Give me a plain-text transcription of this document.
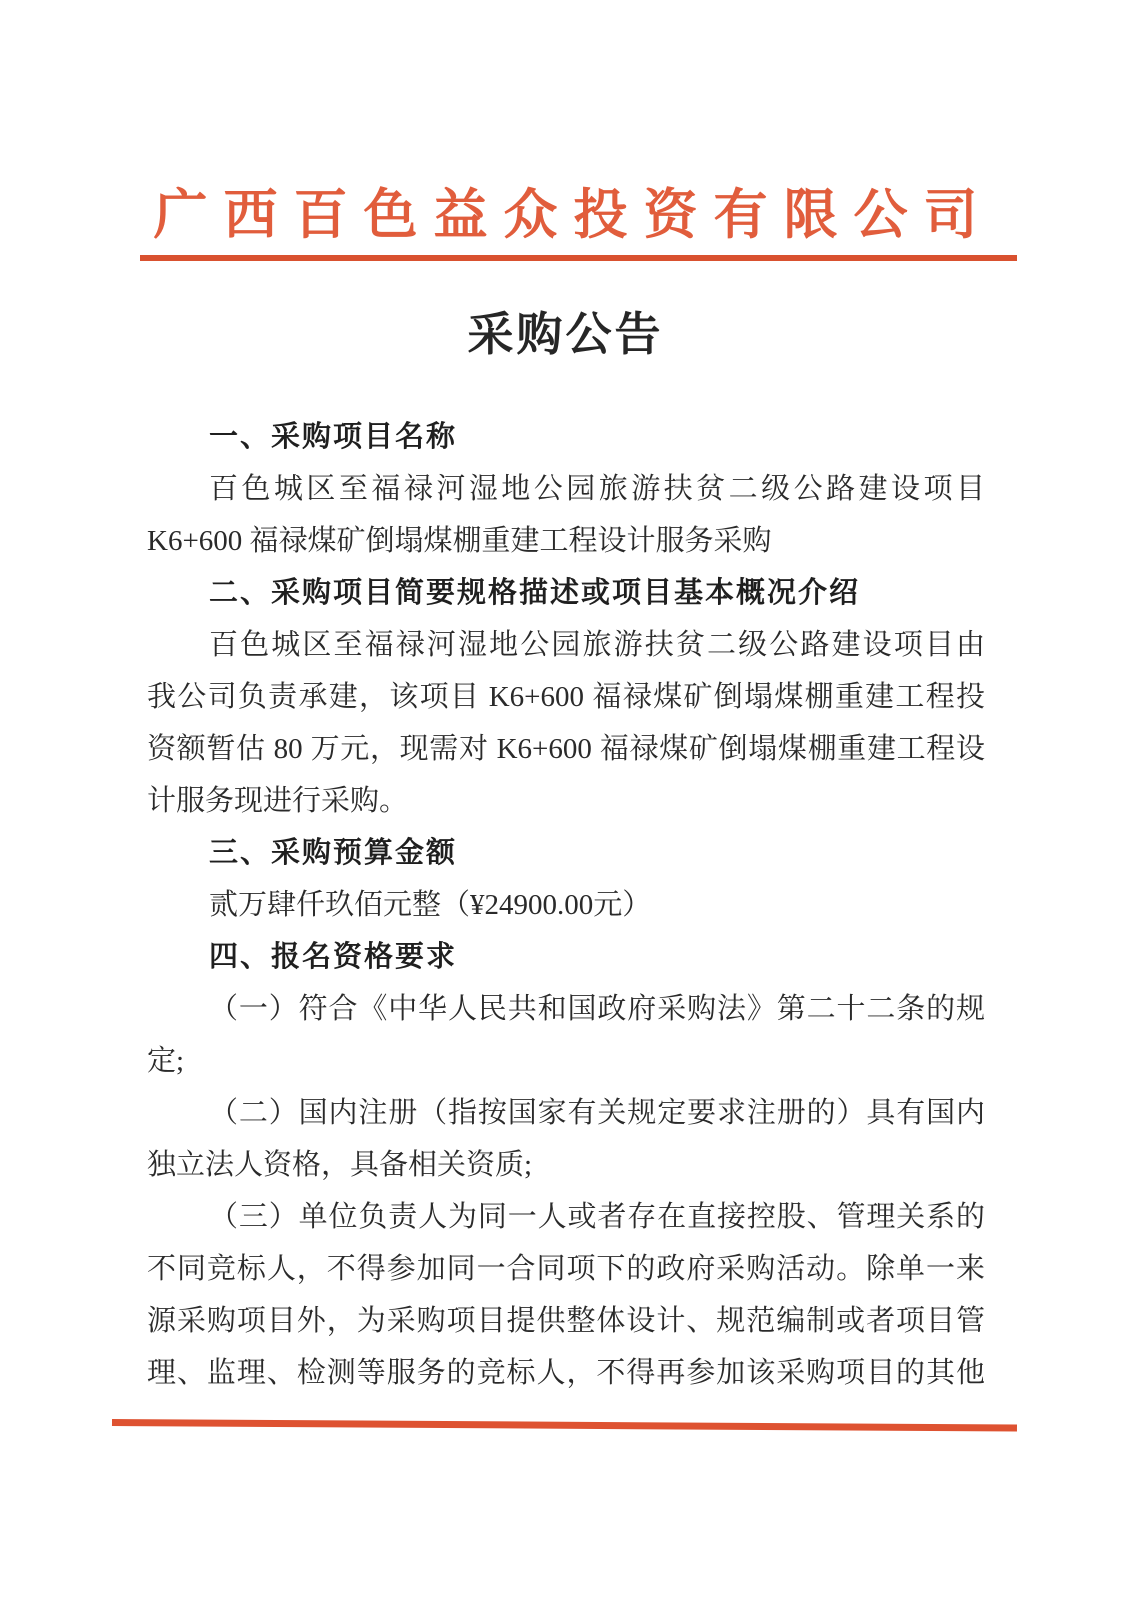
广西百色益众投资有限公司
采购公告
一、采购项目名称
百色城区至福禄河湿地公园旅游扶贫二级公路建设项目
K6+600 福禄煤矿倒塌煤棚重建工程设计服务采购
二、采购项目简要规格描述或项目基本概况介绍
百色城区至福禄河湿地公园旅游扶贫二级公路建设项目由
我公司负责承建，该项目 K6+600 福禄煤矿倒塌煤棚重建工程投
资额暂估 80 万元，现需对 K6+600 福禄煤矿倒塌煤棚重建工程设
计服务现进行采购。
三、采购预算金额
贰万肆仟玖佰元整（¥24900.00元）
四、报名资格要求
（一）符合《中华人民共和国政府采购法》第二十二条的规
定;
（二）国内注册（指按国家有关规定要求注册的）具有国内
独立法人资格，具备相关资质;
（三）单位负责人为同一人或者存在直接控股、管理关系的
不同竞标人，不得参加同一合同项下的政府采购活动。除单一来
源采购项目外，为采购项目提供整体设计、规范编制或者项目管
理、监理、检测等服务的竞标人，不得再参加该采购项目的其他
